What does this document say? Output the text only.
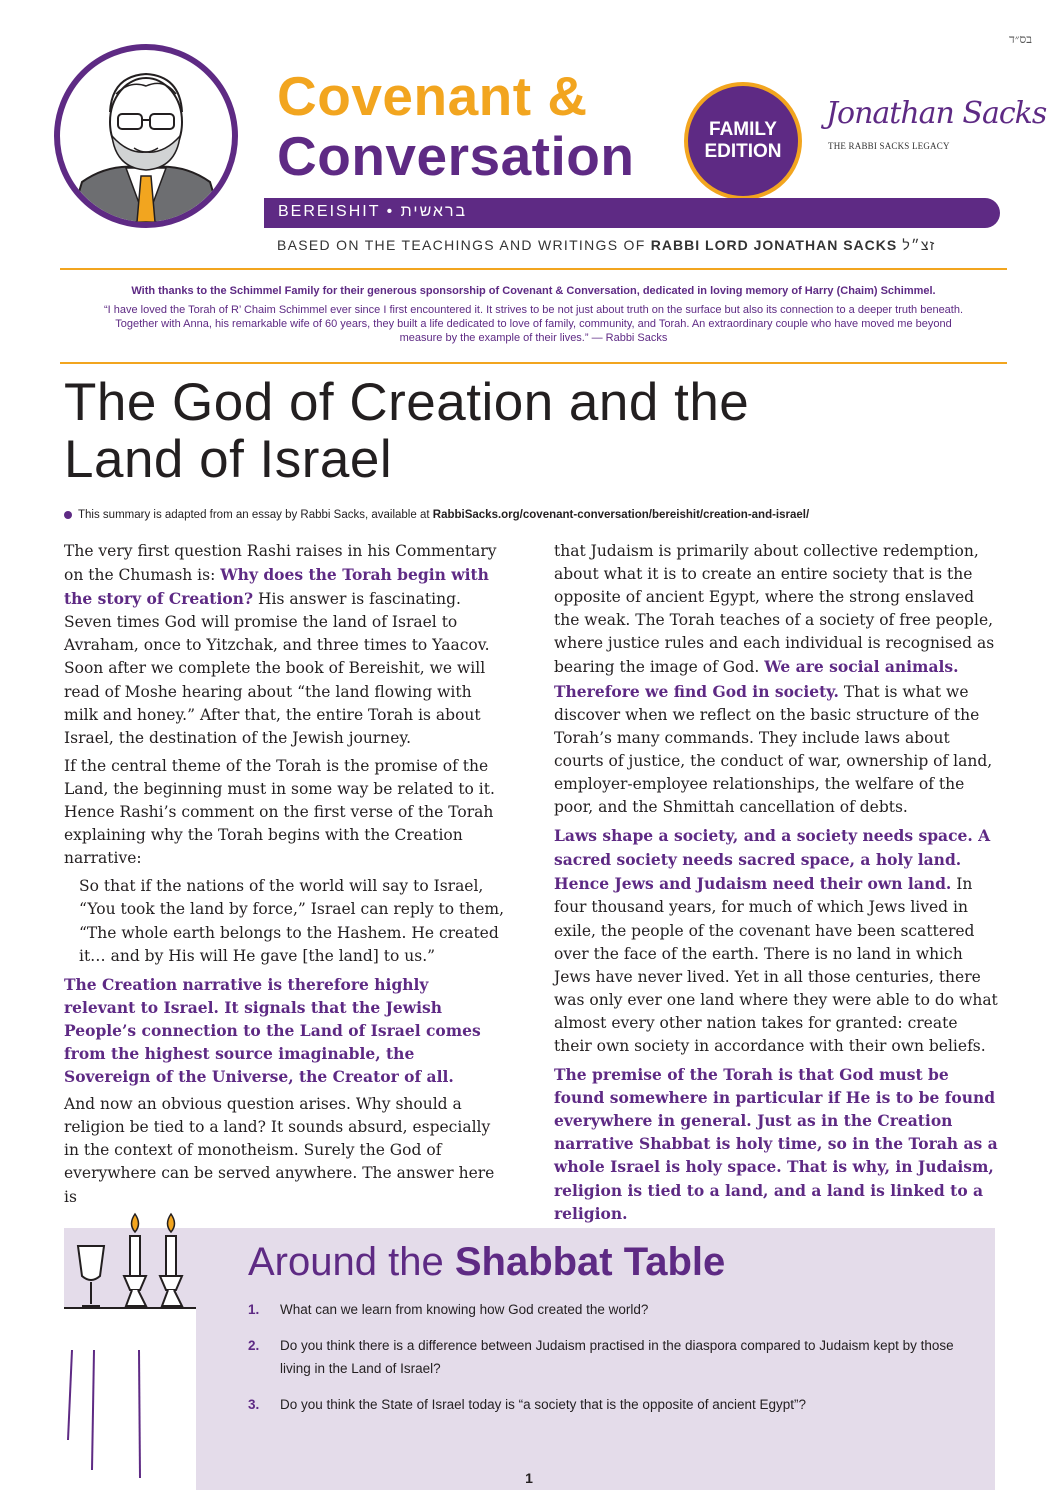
בס״ד
Covenant &
Conversation	FAMILY
EDITION
Jonathan Sacks
THE RABBI SACKS LEGACY
BEREISHIT • בראשית
BASED ON THE TEACHINGS AND WRITINGS OF RABBI LORD JONATHAN SACKS זצ״ל
With thanks to the Schimmel Family for their generous sponsorship of Covenant & Conversation, dedicated in loving memory of Harry (Chaim) Schimmel.
“I have loved the Torah of R’ Chaim Schimmel ever since I first encountered it. It strives to be not just about truth on the surface but also its connection to a deeper truth beneath. Together with Anna, his remarkable wife of 60 years, they built a life dedicated to love of family, community, and Torah. An extraordinary couple who have moved me beyond measure by the example of their lives.” — Rabbi Sacks
The God of Creation and the Land of Israel
This summary is adapted from an essay by Rabbi Sacks, available at RabbiSacks.org/covenant-conversation/bereishit/creation-and-israel/

The very first question Rashi raises in his Commentary on the Chumash is: Why does the Torah begin with the story of Creation? His answer is fascinating. Seven times God will promise the land of Israel to Avraham, once to Yitzchak, and three times to Yaacov. Soon after we complete the book of Bereishit, we will read of Moshe hearing about “the land flowing with milk and honey.” After that, the entire Torah is about Israel, the destination of the Jewish journey.

If the central theme of the Torah is the promise of the Land, the beginning must in some way be related to it. Hence Rashi’s comment on the first verse of the Torah explaining why the Torah begins with the Creation narrative:

So that if the nations of the world will say to Israel, “You took the land by force,” Israel can reply to them, “The whole earth belongs to the Hashem. He created it… and by His will He gave [the land] to us.”

The Creation narrative is therefore highly relevant to Israel. It signals that the Jewish People’s connection to the Land of Israel comes from the highest source imaginable, the Sovereign of the Universe, the Creator of all.

And now an obvious question arises. Why should a religion be tied to a land? It sounds absurd, especially in the context of monotheism. Surely the God of everywhere can be served anywhere. The answer here is

that Judaism is primarily about collective redemption, about what it is to create an entire society that is the opposite of ancient Egypt, where the strong enslaved the weak. The Torah teaches of a society of free people, where justice rules and each individual is recognised as bearing the image of God. We are social animals. Therefore we find God in society. That is what we discover when we reflect on the basic structure of the Torah’s many commands. They include laws about courts of justice, the conduct of war, ownership of land, employer-employee relationships, the welfare of the poor, and the Shmittah cancellation of debts.

Laws shape a society, and a society needs space. A sacred society needs sacred space, a holy land. Hence Jews and Judaism need their own land. In four thousand years, for much of which Jews lived in exile, the people of the covenant have been scattered over the face of the earth. There is no land in which Jews have never lived. Yet in all those centuries, there was only ever one land where they were able to do what almost every other nation takes for granted: create their own society in accordance with their own beliefs.

The premise of the Torah is that God must be found somewhere in particular if He is to be found everywhere in general. Just as in the Creation narrative Shabbat is holy time, so in the Torah as a whole Israel is holy space. That is why, in Judaism, religion is tied to a land, and a land is linked to a religion.

Around the Shabbat Table
1. What can we learn from knowing how God created the world?
2. Do you think there is a difference between Judaism practised in the diaspora compared to Judaism kept by those living in the Land of Israel?
3. Do you think the State of Israel today is “a society that is the opposite of ancient Egypt”?
1
